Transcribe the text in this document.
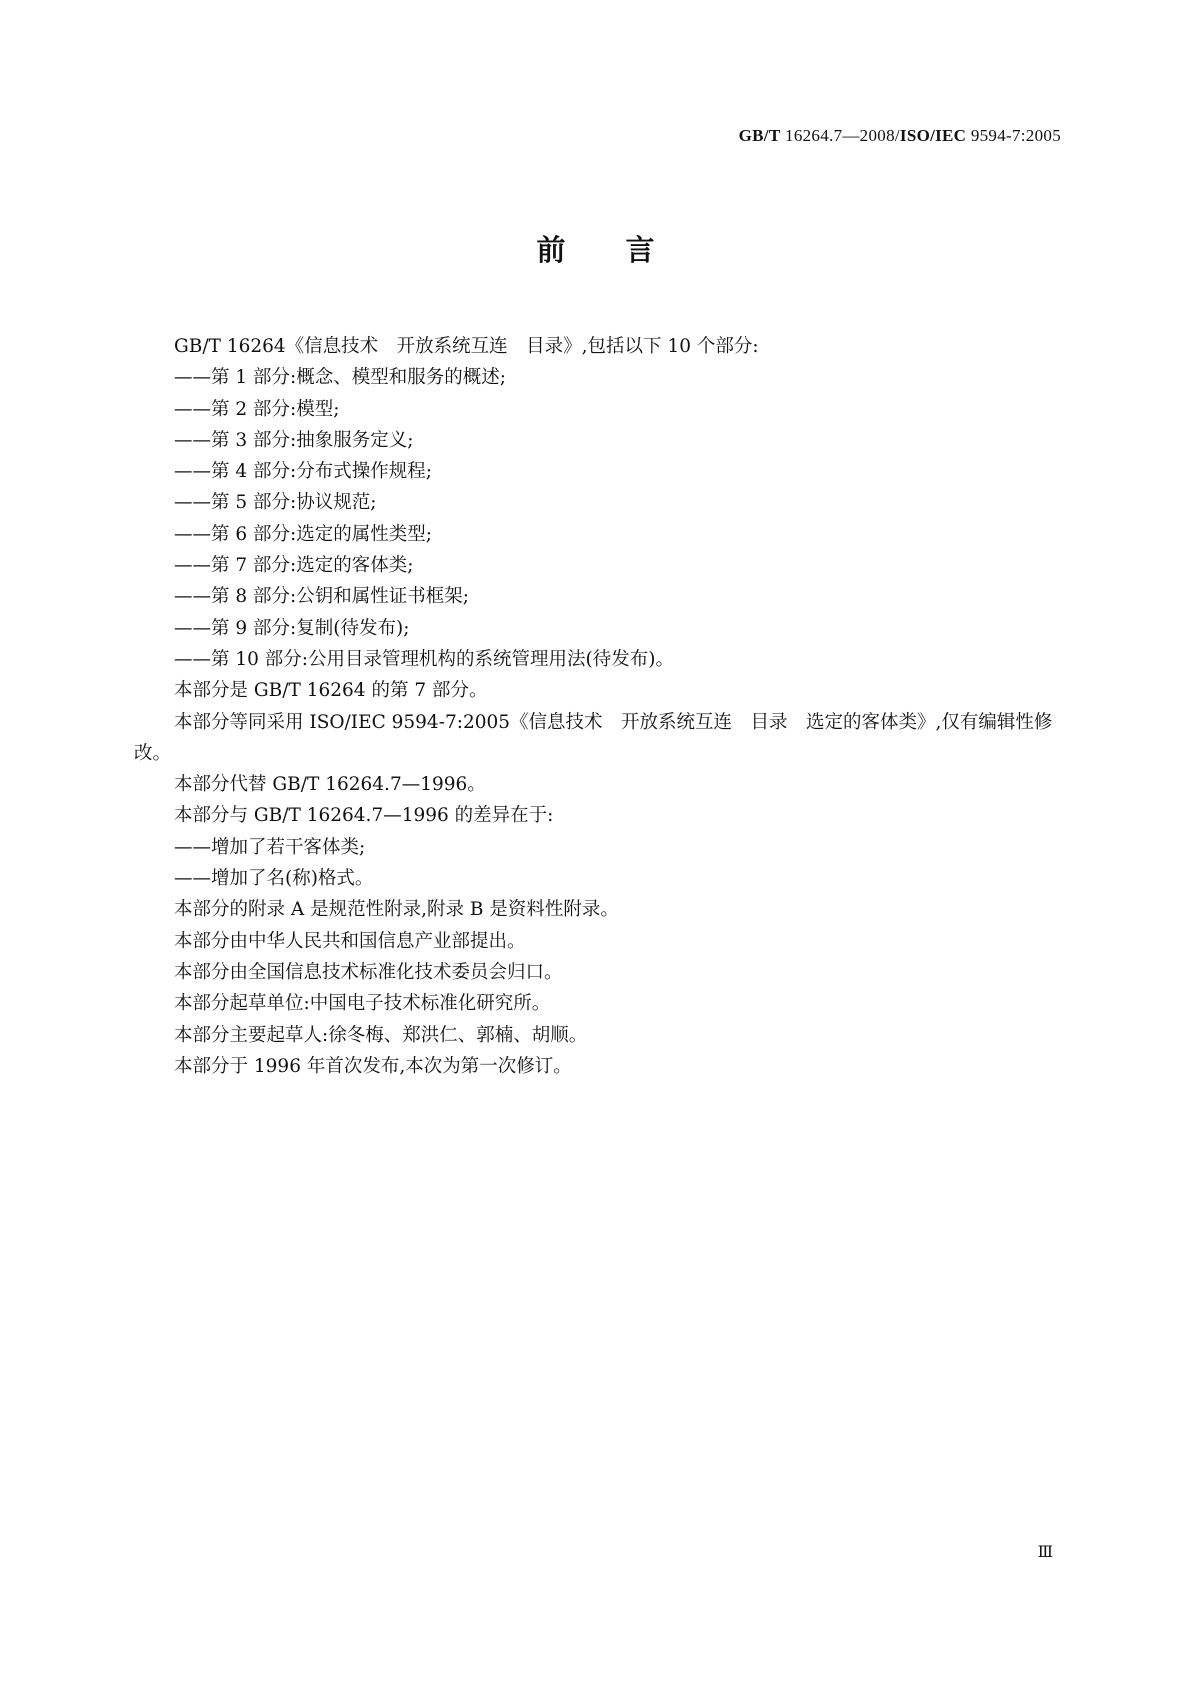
GB/T 16264.7—2008/ISO/IEC 9594-7:2005
前言

GB/T 16264《信息技术　开放系统互连　目录》,包括以下 10 个部分:

——第 1 部分:概念、模型和服务的概述;

——第 2 部分:模型;

——第 3 部分:抽象服务定义;

——第 4 部分:分布式操作规程;

——第 5 部分:协议规范;

——第 6 部分:选定的属性类型;

——第 7 部分:选定的客体类;

——第 8 部分:公钥和属性证书框架;

——第 9 部分:复制(待发布);

——第 10 部分:公用目录管理机构的系统管理用法(待发布)。

本部分是 GB/T 16264 的第 7 部分。

本部分等同采用 ISO/IEC 9594-7:2005《信息技术　开放系统互连　目录　选定的客体类》,仅有编辑性修改。

本部分代替 GB/T 16264.7—1996。

本部分与 GB/T 16264.7—1996 的差异在于:

——增加了若干客体类;

——增加了名(称)格式。

本部分的附录 A 是规范性附录,附录 B 是资料性附录。

本部分由中华人民共和国信息产业部提出。

本部分由全国信息技术标准化技术委员会归口。

本部分起草单位:中国电子技术标准化研究所。

本部分主要起草人:徐冬梅、郑洪仁、郭楠、胡顺。

本部分于 1996 年首次发布,本次为第一次修订。

Ⅲ
